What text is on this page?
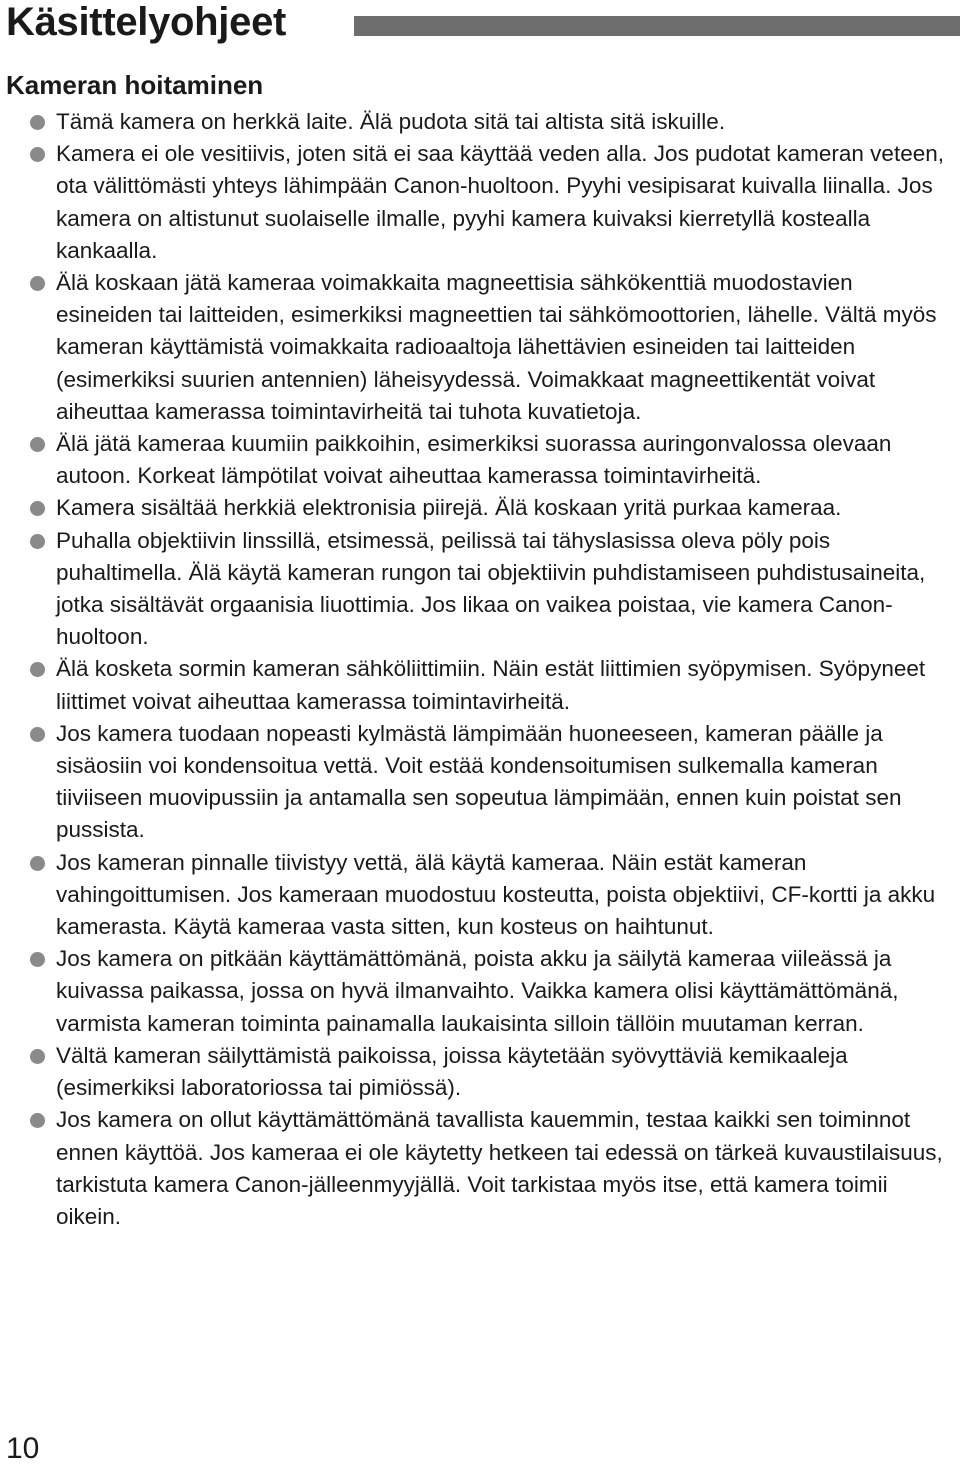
Käsittelyohjeet
Kameran hoitaminen
Tämä kamera on herkkä laite. Älä pudota sitä tai altista sitä iskuille.
Kamera ei ole vesitiivis, joten sitä ei saa käyttää veden alla. Jos pudotat kameran veteen, ota välittömästi yhteys lähimpään Canon-huoltoon. Pyyhi vesipisarat kuivalla liinalla. Jos kamera on altistunut suolaiselle ilmalle, pyyhi kamera kuivaksi kierretyllä kostealla kankaalla.
Älä koskaan jätä kameraa voimakkaita magneettisia sähkökenttiä muodostavien esineiden tai laitteiden, esimerkiksi magneettien tai sähkömoottorien, lähelle. Vältä myös kameran käyttämistä voimakkaita radioaaltoja lähettävien esineiden tai laitteiden (esimerkiksi suurien antennien) läheisyydessä. Voimakkaat magneettikentät voivat aiheuttaa kamerassa toimintavirheitä tai tuhota kuvatietoja.
Älä jätä kameraa kuumiin paikkoihin, esimerkiksi suorassa auringonvalossa olevaan autoon. Korkeat lämpötilat voivat aiheuttaa kamerassa toimintavirheitä.
Kamera sisältää herkkiä elektronisia piirejä. Älä koskaan yritä purkaa kameraa.
Puhalla objektiivin linssillä, etsimessä, peilissä tai tähyslasissa oleva pöly pois puhaltimella. Älä käytä kameran rungon tai objektiivin puhdistamiseen puhdistusaineita, jotka sisältävät orgaanisia liuottimia. Jos likaa on vaikea poistaa, vie kamera Canon-huoltoon.
Älä kosketa sormin kameran sähköliittimiin. Näin estät liittimien syöpymisen. Syöpyneet liittimet voivat aiheuttaa kamerassa toimintavirheitä.
Jos kamera tuodaan nopeasti kylmästä lämpimään huoneeseen, kameran päälle ja sisäosiin voi kondensoitua vettä. Voit estää kondensoitumisen sulkemalla kameran tiiviiseen muovipussiin ja antamalla sen sopeutua lämpimään, ennen kuin poistat sen pussista.
Jos kameran pinnalle tiivistyy vettä, älä käytä kameraa. Näin estät kameran vahingoittumisen. Jos kameraan muodostuu kosteutta, poista objektiivi, CF-kortti ja akku kamerasta. Käytä kameraa vasta sitten, kun kosteus on haihtunut.
Jos kamera on pitkään käyttämättömänä, poista akku ja säilytä kameraa viileässä ja kuivassa paikassa, jossa on hyvä ilmanvaihto. Vaikka kamera olisi käyttämättömänä, varmista kameran toiminta painamalla laukaisinta silloin tällöin muutaman kerran.
Vältä kameran säilyttämistä paikoissa, joissa käytetään syövyttäviä kemikaaleja (esimerkiksi laboratoriossa tai pimiössä).
Jos kamera on ollut käyttämättömänä tavallista kauemmin, testaa kaikki sen toiminnot ennen käyttöä. Jos kameraa ei ole käytetty hetkeen tai edessä on tärkeä kuvaustilaisuus, tarkistuta kamera Canon-jälleenmyyjällä. Voit tarkistaa myös itse, että kamera toimii oikein.
10
